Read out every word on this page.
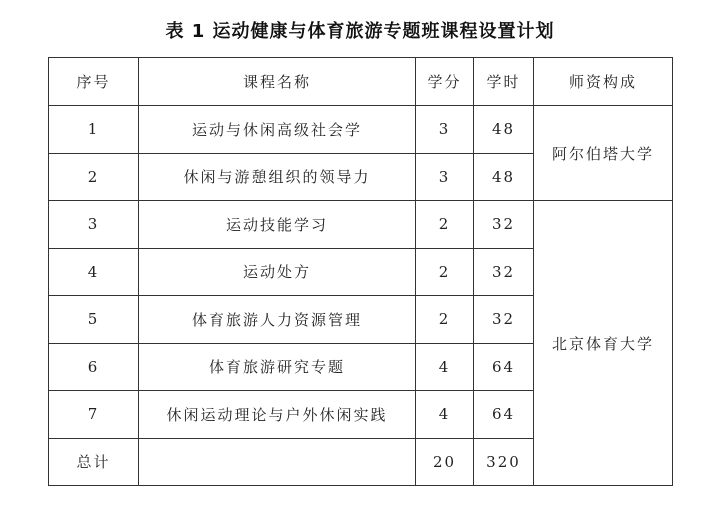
表 1 运动健康与体育旅游专题班课程设置计划
序号	课程名称	学分	学时	师资构成
1	运动与休闲高级社会学	3	48	阿尔伯塔大学
2	休闲与游憩组织的领导力	3	48	
3	运动技能学习	2	32	北京体育大学
4	运动处方	2	32	
5	体育旅游人力资源管理	2	32	
6	体育旅游研究专题	4	64	
7	休闲运动理论与户外休闲实践	4	64	
总计		20	320	
